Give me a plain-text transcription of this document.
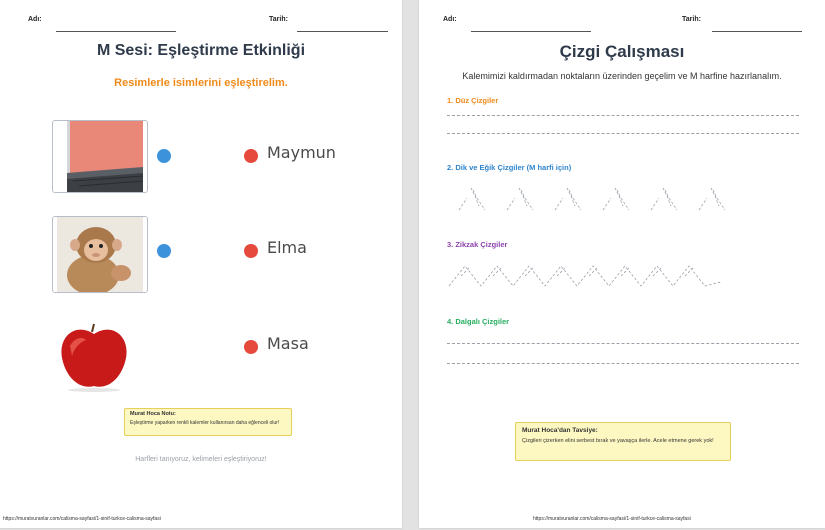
Adı:	Tarih:
M Sesi: Eşleştirme Etkinliği
Resimlerle isimlerini eşleştirelim.
Maymun
Elma
Masa
Murat Hoca Notu:
Eşleştirme yaparken renkli kalemler kullanırsan daha eğlenceli olur!
Harfleri tanıyoruz, kelimeleri eşleştiriyoruz!
https://muratvuranlar.com/calisma-sayfasi/1-sinif-turkce-calisma-sayfasi
Adı:	Tarih:
Çizgi Çalışması
Kalemimizi kaldırmadan noktaların üzerinden geçelim ve M harfine hazırlanalım.
1. Düz Çizgiler
2. Dik ve Eğik Çizgiler (M harfi için)
3. Zikzak Çizgiler
4. Dalgalı Çizgiler
Murat Hoca'dan Tavsiye:
Çizgileri çizerken elini serbest bırak ve yavaşça ilerle. Acele etmene gerek yok!
https://muratvuranlar.com/calisma-sayfasi/1-sinif-turkce-calisma-sayfasi
